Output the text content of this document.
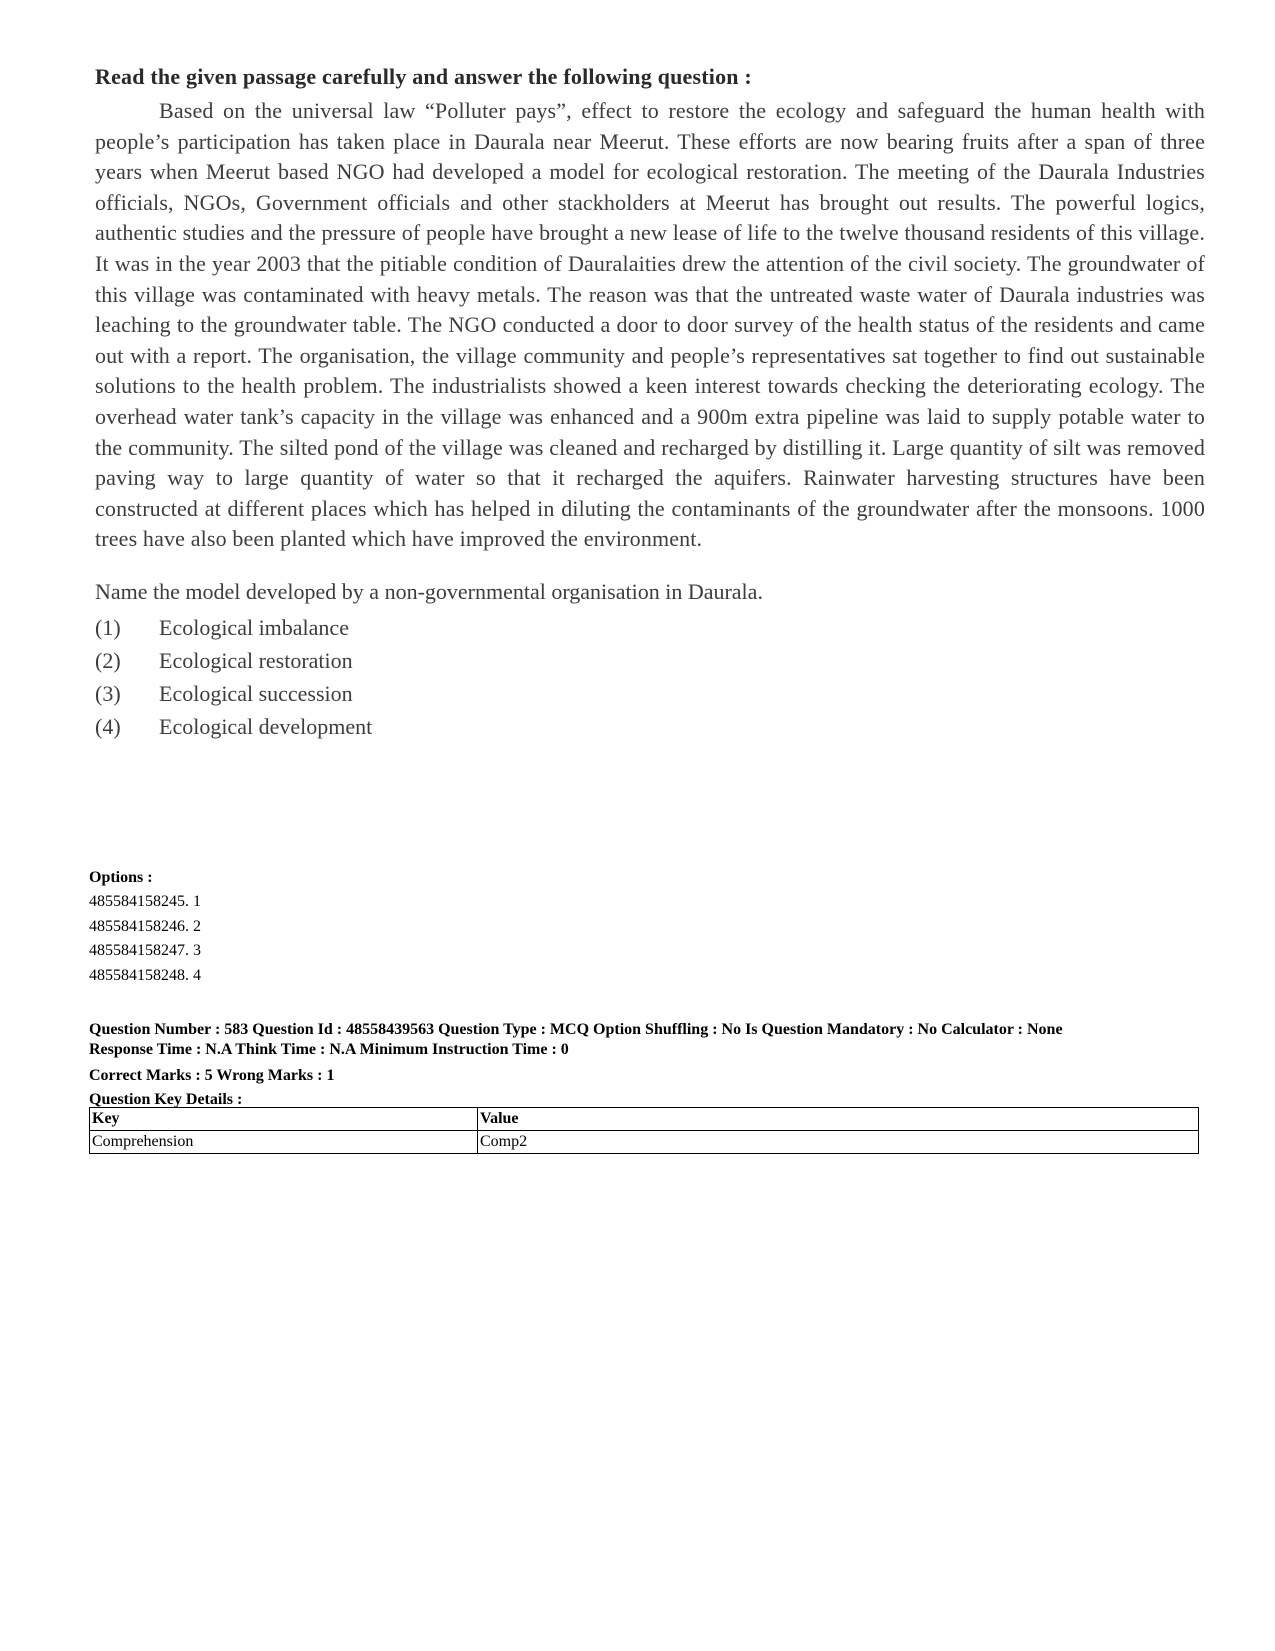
Read the given passage carefully and answer the following question :

Based on the universal law “Polluter pays”, effect to restore the ecology and safeguard the human health with people’s participation has taken place in Daurala near Meerut. These efforts are now bearing fruits after a span of three years when Meerut based NGO had developed a model for ecological restoration. The meeting of the Daurala Industries officials, NGOs, Government officials and other stackholders at Meerut has brought out results. The powerful logics, authentic studies and the pressure of people have brought a new lease of life to the twelve thousand residents of this village. It was in the year 2003 that the pitiable condition of Dauralaities drew the attention of the civil society. The groundwater of this village was contaminated with heavy metals. The reason was that the untreated waste water of Daurala industries was leaching to the groundwater table. The NGO conducted a door to door survey of the health status of the residents and came out with a report. The organisation, the village community and people’s representatives sat together to find out sustainable solutions to the health problem. The industrialists showed a keen interest towards checking the deteriorating ecology. The overhead water tank’s capacity in the village was enhanced and a 900m extra pipeline was laid to supply potable water to the community. The silted pond of the village was cleaned and recharged by distilling it. Large quantity of silt was removed paving way to large quantity of water so that it recharged the aquifers. Rainwater harvesting structures have been constructed at different places which has helped in diluting the contaminants of the groundwater after the monsoons. 1000 trees have also been planted which have improved the environment.

Name the model developed by a non-governmental organisation in Daurala.
(1)	Ecological imbalance
(2)	Ecological restoration
(3)	Ecological succession
(4)	Ecological development
Options :
485584158245. 1
485584158246. 2
485584158247. 3
485584158248. 4
Question Number : 583 Question Id : 48558439563 Question Type : MCQ Option Shuffling : No Is Question Mandatory : No Calculator : None
Response Time : N.A Think Time : N.A Minimum Instruction Time : 0
Correct Marks : 5 Wrong Marks : 1
Question Key Details :
Key	Value
Comprehension	Comp2
